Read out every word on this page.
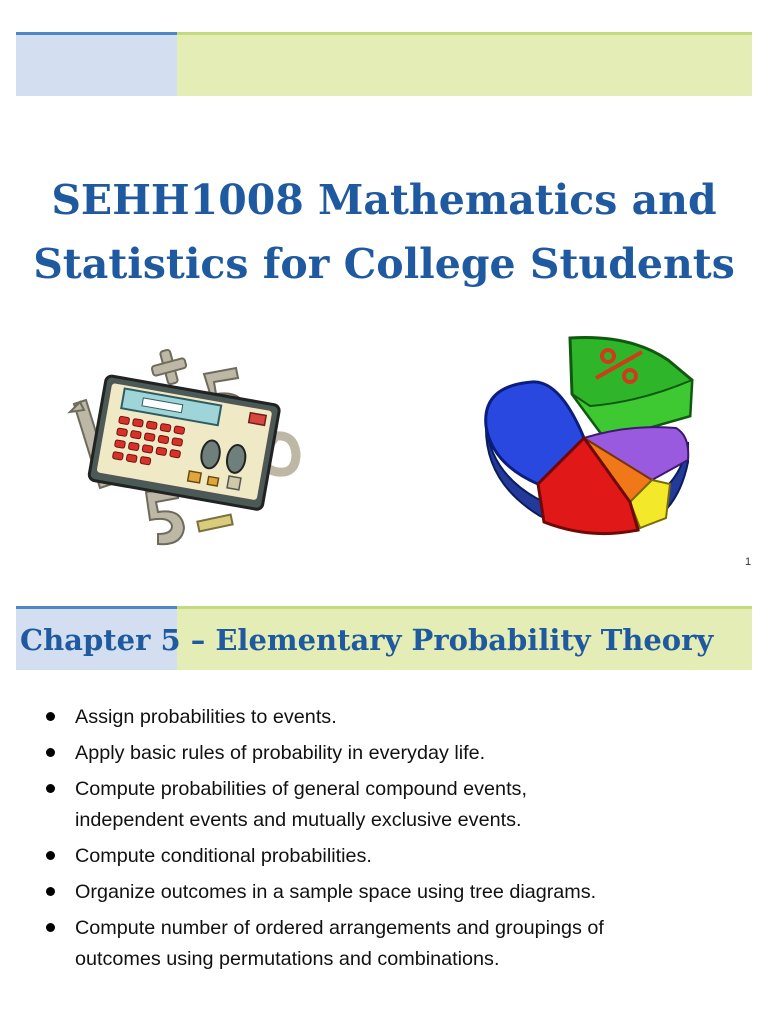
SEHH1008 Mathematics and
Statistics for College Students

1

Chapter 5 – Elementary Probability Theory
Assign probabilities to events.
Apply basic rules of probability in everyday life.
Compute probabilities of general compound events,
independent events and mutually exclusive events.
Compute conditional probabilities.
Organize outcomes in a sample space using tree diagrams.
Compute number of ordered arrangements and groupings of
outcomes using permutations and combinations.
